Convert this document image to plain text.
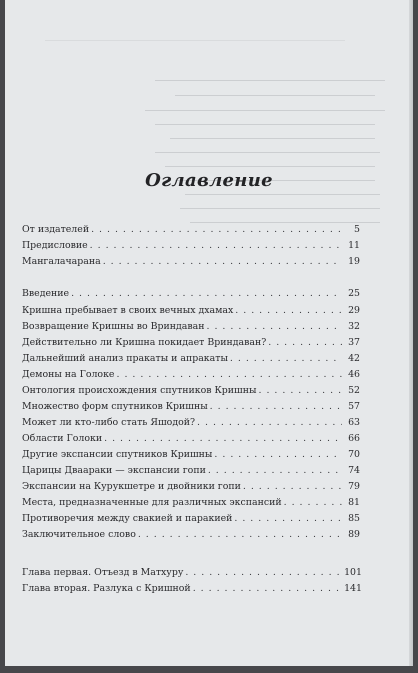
Оглавление
От издателей . . .	5
Предисловие . . .	11
Мангалачарана . . .	19
Введение . . .	25
Кришна пребывает в своих вечных дхамах . . .	29
Возвращение Кришны во Вриндаван . . .	32
Действительно ли Кришна покидает Вриндаван? . . .	37
Дальнейший анализ пракаты и апракаты . . .	42
Демоны на Голоке . . .	46
Онтология происхождения спутников Кришны . . .	52
Множество форм спутников Кришны . . .	57
Может ли кто-либо стать Яшодой? . . .	63
Области Голоки . . .	66
Другие экспансии спутников Кришны . . .	70
Царицы Дваараки — экспансии гопи . . .	74
Экспансии на Курукшетре и двойники гопи . . .	79
Места, предназначенные для различных экспансий . . .	81
Противоречия между свакией и паракией . . .	85
Заключительное слово . . .	89
Глава первая. Отъезд в Матхуру . . .	101
Глава вторая. Разлука с Кришной . . .	141
